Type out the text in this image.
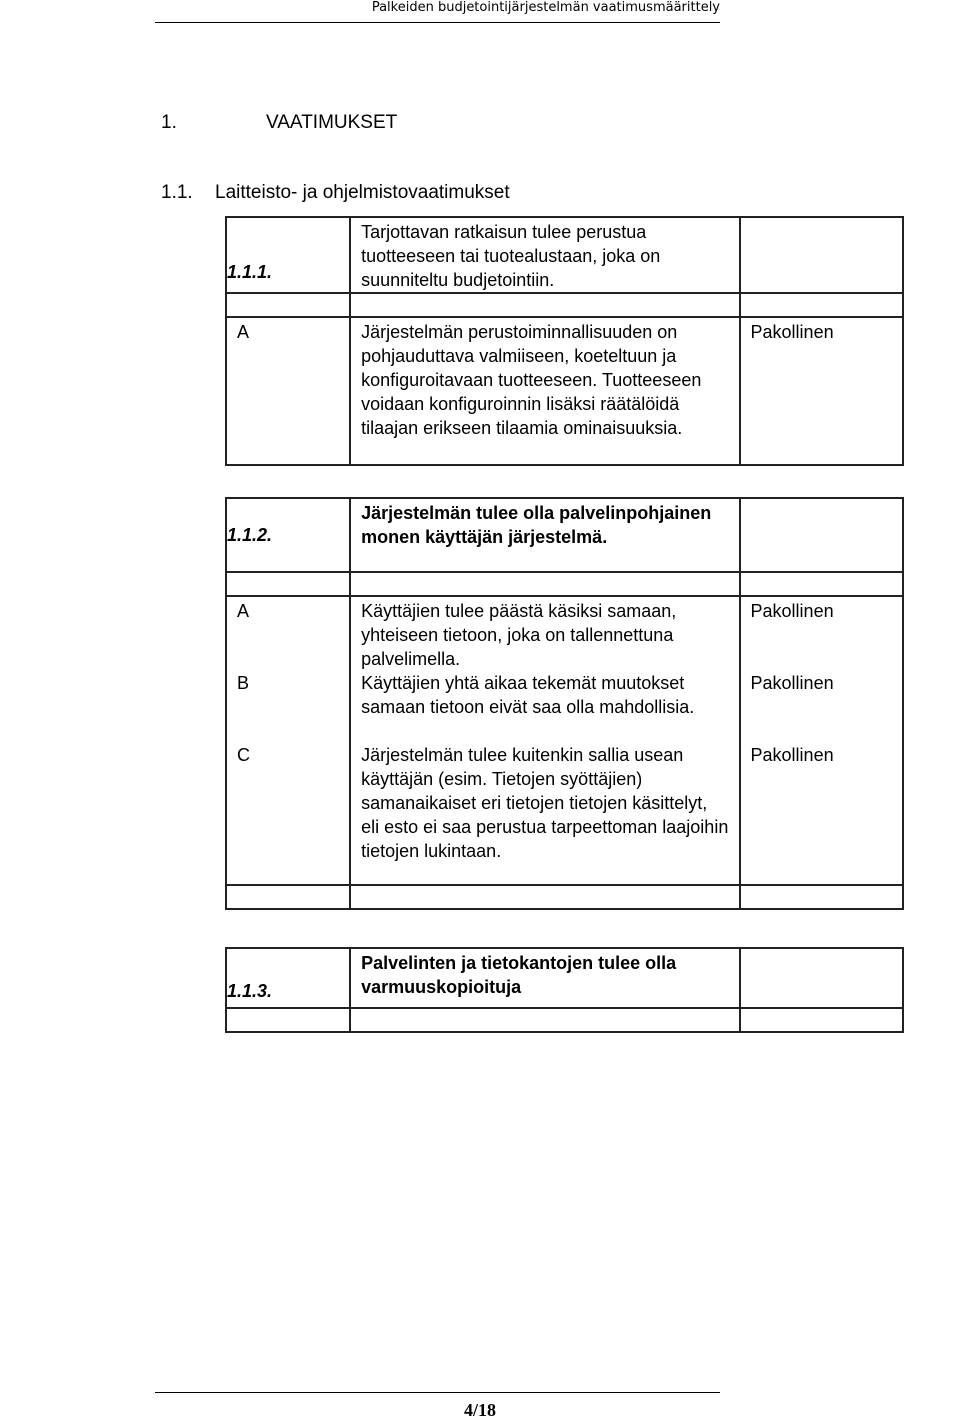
Palkeiden budjetointijärjestelmän vaatimusmäärittely
1.	VAATIMUKSET
1.1. Laitteisto- ja ohjelmistovaatimukset
1.1.1.	Tarjottavan ratkaisun tulee perustua tuotteeseen tai tuotealustaan, joka on suunniteltu budjetointiin.	

A	Järjestelmän perustoiminnallisuuden on pohjauduttava valmiiseen, koeteltuun ja konfiguroitavaan tuotteeseen. Tuotteeseen voidaan konfiguroinnin lisäksi räätälöidä tilaajan erikseen tilaamia ominaisuuksia.	Pakollinen
1.1.2.	Järjestelmän tulee olla palvelinpohjainen monen käyttäjän järjestelmä.	

A	Käyttäjien tulee päästä käsiksi samaan, yhteiseen tietoon, joka on tallennettuna palvelimella.	Pakollinen
B	Käyttäjien yhtä aikaa tekemät muutokset samaan tietoon eivät saa olla mahdollisia.	Pakollinen
C	Järjestelmän tulee kuitenkin sallia usean käyttäjän (esim. Tietojen syöttäjien) samanaikaiset eri tietojen tietojen käsittelyt, eli esto ei saa perustua tarpeettoman laajoihin tietojen lukintaan.	Pakollinen

1.1.3.	Palvelinten ja tietokantojen tulee olla varmuuskopioituja	

4/18
